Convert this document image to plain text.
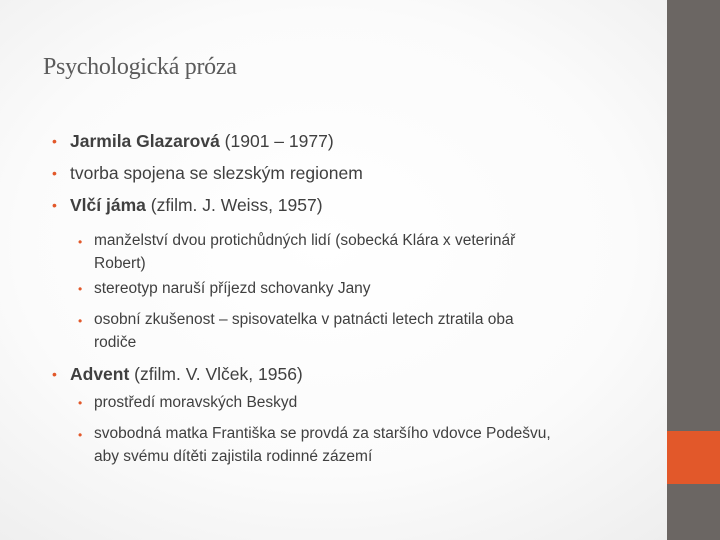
Psychologická próza
• Jarmila Glazarová (1901 – 1977)
• tvorba spojena se slezským regionem
• Vlčí jáma (zfilm. J. Weiss, 1957)
• manželství dvou protichůdných lidí (sobecká Klára x veterinář
Robert)
• stereotyp naruší příjezd schovanky Jany
• osobní zkušenost – spisovatelka v patnácti letech ztratila oba
rodiče
• Advent (zfilm. V. Vlček, 1956)
• prostředí moravských Beskyd
• svobodná matka Františka se provdá za staršího vdovce Podešvu,
aby svému dítěti zajistila rodinné zázemí
